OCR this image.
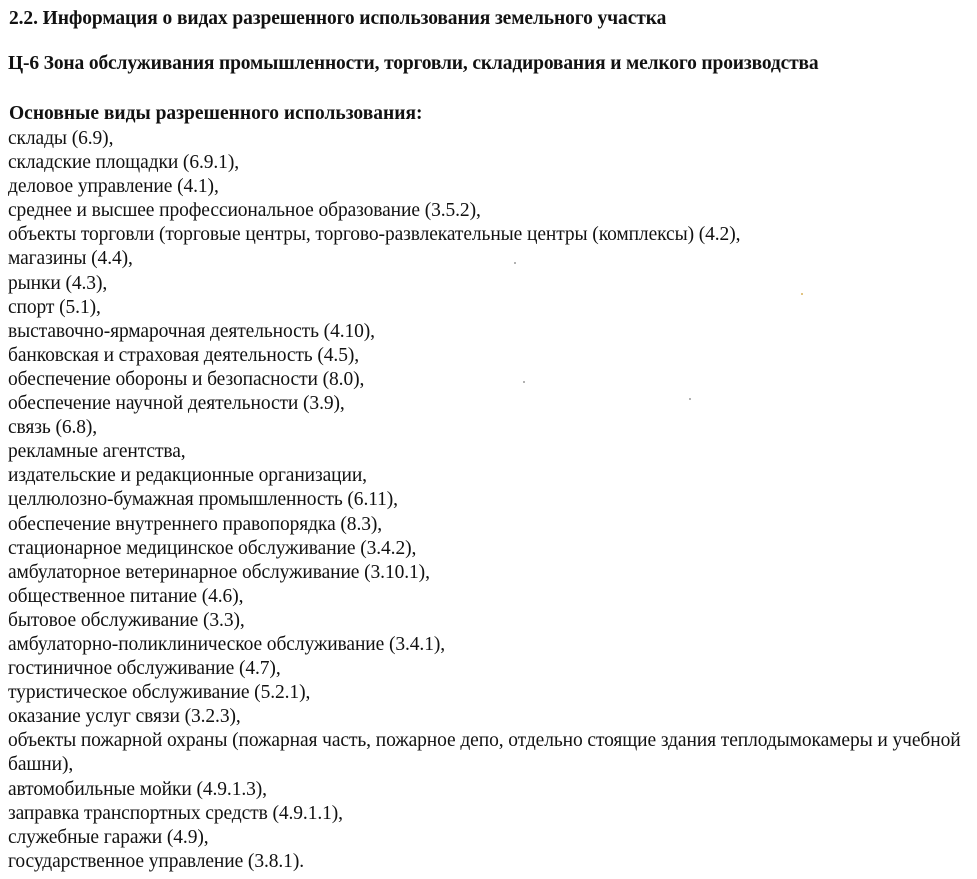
2.2. Информация о видах разрешенного использования земельного участка
Ц-6 Зона обслуживания промышленности, торговли, складирования и мелкого производства
Основные виды разрешенного использования:
склады (6.9),
складские площадки (6.9.1),
деловое управление (4.1),
среднее и высшее профессиональное образование (3.5.2),
объекты торговли (торговые центры, торгово-развлекательные центры (комплексы) (4.2),
магазины (4.4),
рынки (4.3),
спорт (5.1),
выставочно-ярмарочная деятельность (4.10),
банковская и страховая деятельность (4.5),
обеспечение обороны и безопасности (8.0),
обеспечение научной деятельности (3.9),
связь (6.8),
рекламные агентства,
издательские и редакционные организации,
целлюлозно-бумажная промышленность (6.11),
обеспечение внутреннего правопорядка (8.3),
стационарное медицинское обслуживание (3.4.2),
амбулаторное ветеринарное обслуживание (3.10.1),
общественное питание (4.6),
бытовое обслуживание (3.3),
амбулаторно-поликлиническое обслуживание (3.4.1),
гостиничное обслуживание (4.7),
туристическое обслуживание (5.2.1),
оказание услуг связи (3.2.3),
объекты пожарной охраны (пожарная часть, пожарное депо, отдельно стоящие здания теплодымокамеры и учебной башни),
автомобильные мойки (4.9.1.3),
заправка транспортных средств (4.9.1.1),
служебные гаражи (4.9),
государственное управление (3.8.1).
